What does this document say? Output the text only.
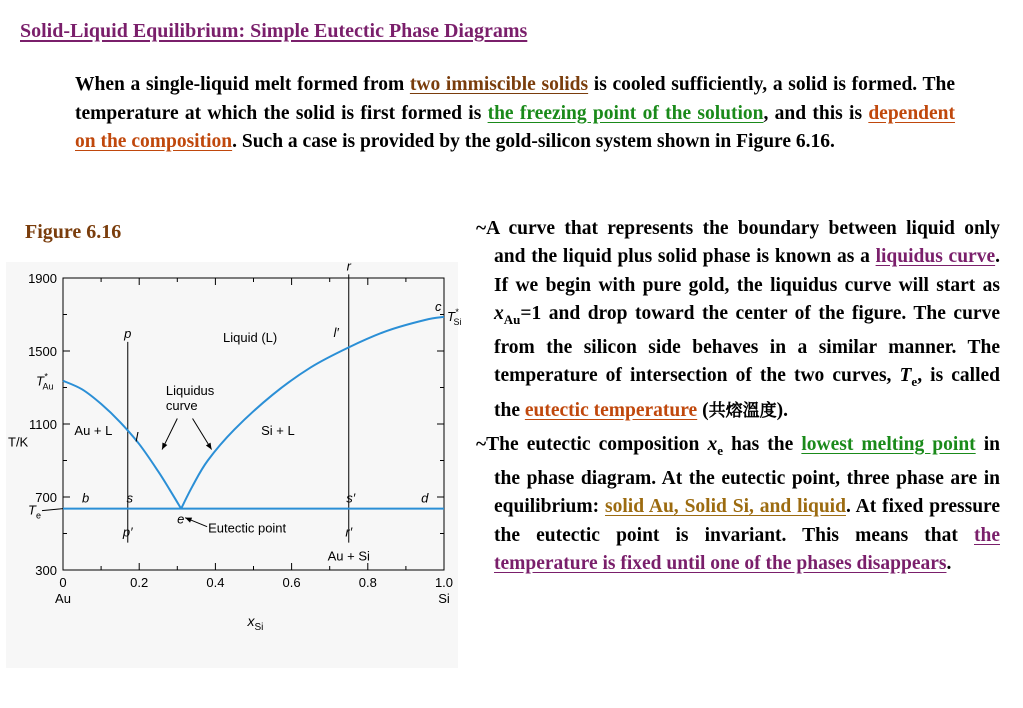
Solid-Liquid Equilibrium: Simple Eutectic Phase Diagrams
When a single-liquid melt formed from two immiscible solids is cooled sufficiently, a solid is formed. The temperature at which the solid is first formed is the freezing point of the solution, and this is dependent on the composition. Such a case is provided by the gold-silicon system shown in Figure 6.16.
Figure 6.16	~A curve that represents the boundary between liquid only and the liquid plus solid phase is known as a liquidus curve. If we begin with pure gold, the liquidus curve will start as $x_{Au}=1$ and drop toward the center of the figure. The curve from the silicon side behaves in a similar manner. The temperature of intersection of the two curves, $T_e$, is called the eutectic temperature (共熔溫度).

~The eutectic composition $x_e$ has the lowest melting point in the phase diagram. At the eutectic point, three phase are in equilibrium: solid Au, Solid Si, and liquid. At fixed pressure the eutectic point is invariant. This means that the temperature is fixed until one of the phases disappears.

300
700
1100
1500
1900
0	0.2	0.4	0.6	0.8	1.0
Au	Si
$x_{Si}$
T/K
p
p′
s
r
r′
s′
l
l′
b	d
e
c
T* Au
T* Si
$T_e$
Liquid (L)
Au + L	Si + L
Au + Si
Liquidus
curve
Eutectic point
